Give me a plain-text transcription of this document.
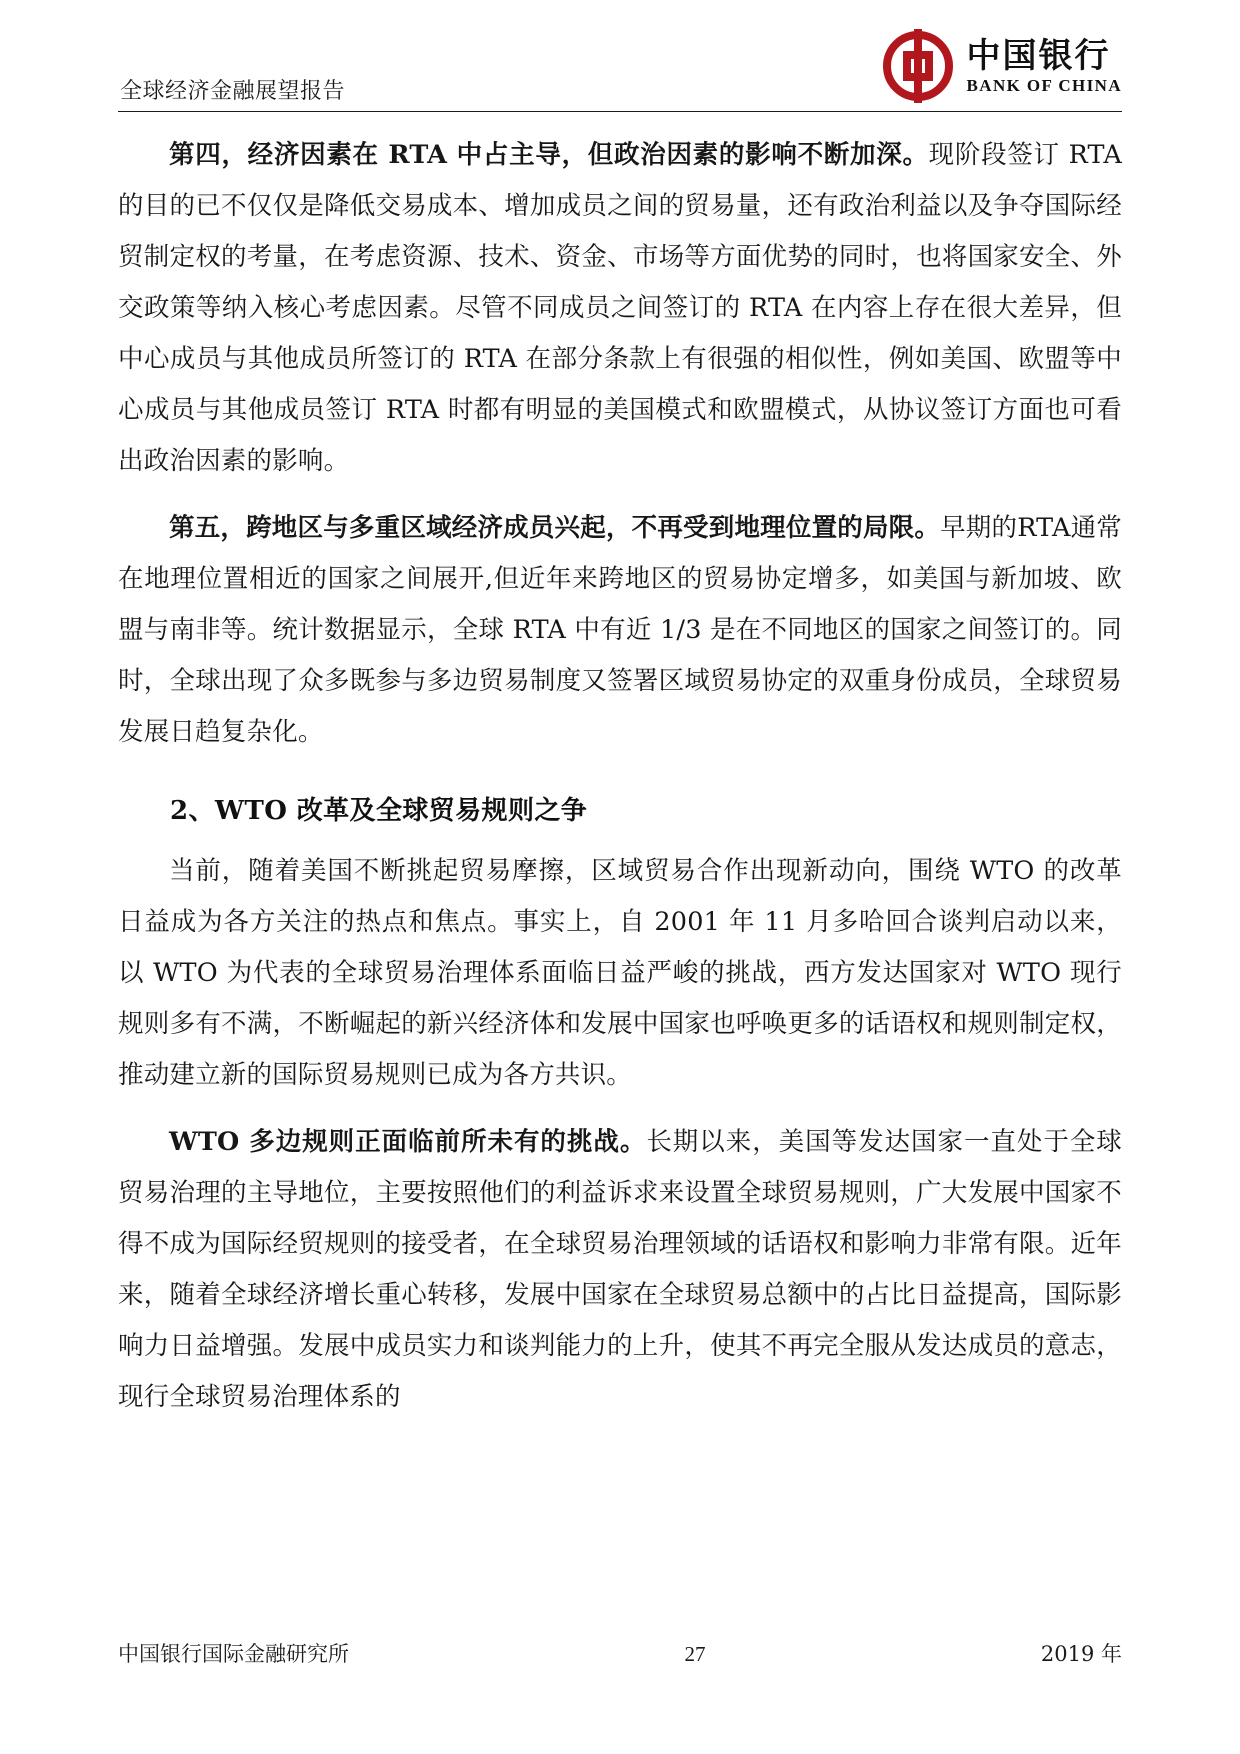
全球经济金融展望报告
中国银行
BANK OF CHINA

第四，经济因素在 RTA 中占主导，但政治因素的影响不断加深。现阶段签订 RTA 的目的已不仅仅是降低交易成本、增加成员之间的贸易量，还有政治利益以及争夺国际经贸制定权的考量，在考虑资源、技术、资金、市场等方面优势的同时，也将国家安全、外交政策等纳入核心考虑因素。尽管不同成员之间签订的 RTA 在内容上存在很大差异，但中心成员与其他成员所签订的 RTA 在部分条款上有很强的相似性，例如美国、欧盟等中心成员与其他成员签订 RTA 时都有明显的美国模式和欧盟模式，从协议签订方面也可看出政治因素的影响。

第五，跨地区与多重区域经济成员兴起，不再受到地理位置的局限。早期的RTA通常在地理位置相近的国家之间展开,但近年来跨地区的贸易协定增多，如美国与新加坡、欧盟与南非等。统计数据显示，全球 RTA 中有近 1/3 是在不同地区的国家之间签订的。同时，全球出现了众多既参与多边贸易制度又签署区域贸易协定的双重身份成员，全球贸易发展日趋复杂化。

2、WTO 改革及全球贸易规则之争

当前，随着美国不断挑起贸易摩擦，区域贸易合作出现新动向，围绕 WTO 的改革日益成为各方关注的热点和焦点。事实上，自 2001 年 11 月多哈回合谈判启动以来，以 WTO 为代表的全球贸易治理体系面临日益严峻的挑战，西方发达国家对 WTO 现行规则多有不满，不断崛起的新兴经济体和发展中国家也呼唤更多的话语权和规则制定权，推动建立新的国际贸易规则已成为各方共识。

WTO 多边规则正面临前所未有的挑战。长期以来，美国等发达国家一直处于全球贸易治理的主导地位，主要按照他们的利益诉求来设置全球贸易规则，广大发展中国家不得不成为国际经贸规则的接受者，在全球贸易治理领域的话语权和影响力非常有限。近年来，随着全球经济增长重心转移，发展中国家在全球贸易总额中的占比日益提高，国际影响力日益增强。发展中成员实力和谈判能力的上升，使其不再完全服从发达成员的意志，现行全球贸易治理体系的

中国银行国际金融研究所	27	2019 年
